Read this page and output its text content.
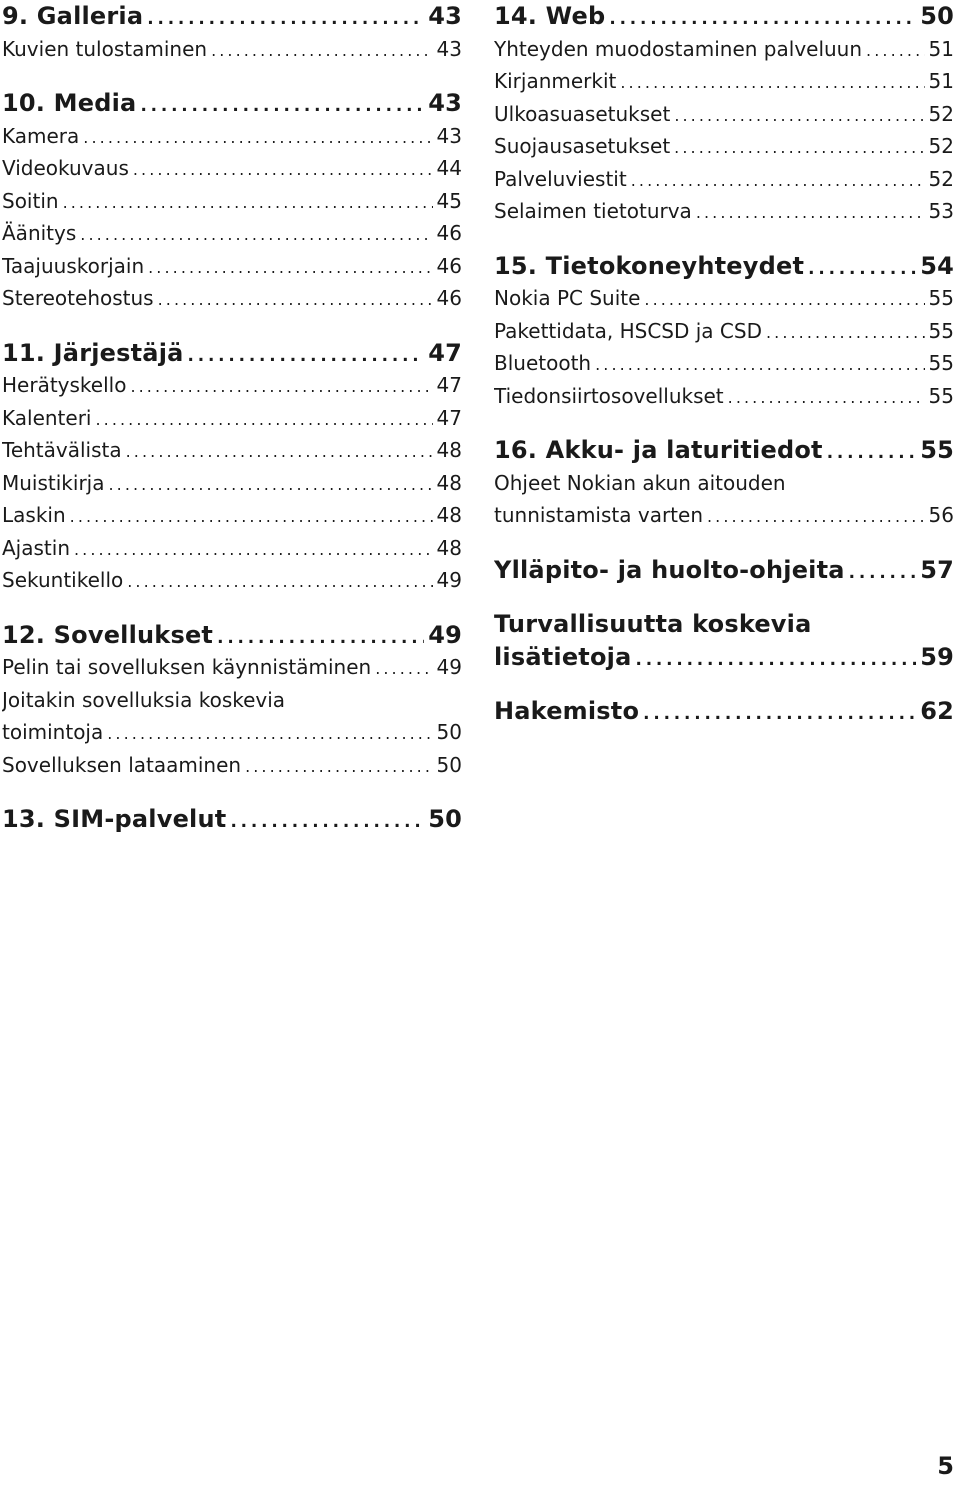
9. Galleria . . .	43
Kuvien tulostaminen . . .	43
10. Media . . .	43
Kamera . . .	43
Videokuvaus . . .	44
Soitin . . .	45
Äänitys . . .	46
Taajuuskorjain . . .	46
Stereotehostus . . .	46
11. Järjestäjä . . .	47
Herätyskello . . .	47
Kalenteri . . .	47
Tehtävälista . . .	48
Muistikirja . . .	48
Laskin . . .	48
Ajastin . . .	48
Sekuntikello . . .	49
12. Sovellukset . . .	49
Pelin tai sovelluksen käynnistäminen . . .	49
Joitakin sovelluksia koskevia
toimintoja . . .	50
Sovelluksen lataaminen . . .	50
13. SIM-palvelut . . .	50
14. Web . . .	50
Yhteyden muodostaminen palveluun . . .	51
Kirjanmerkit . . .	51
Ulkoasuasetukset . . .	52
Suojausasetukset . . .	52
Palveluviestit . . .	52
Selaimen tietoturva . . .	53
15. Tietokoneyhteydet . . .	54
Nokia PC Suite . . .	55
Pakettidata, HSCSD ja CSD . . .	55
Bluetooth . . .	55
Tiedonsiirtosovellukset . . .	55
16. Akku- ja laturitiedot . . .	55
Ohjeet Nokian akun aitouden
tunnistamista varten . . .	56
Ylläpito- ja huolto-ohjeita . . .	57
Turvallisuutta koskevia
lisätietoja . . .	59
Hakemisto . . .	62
5
